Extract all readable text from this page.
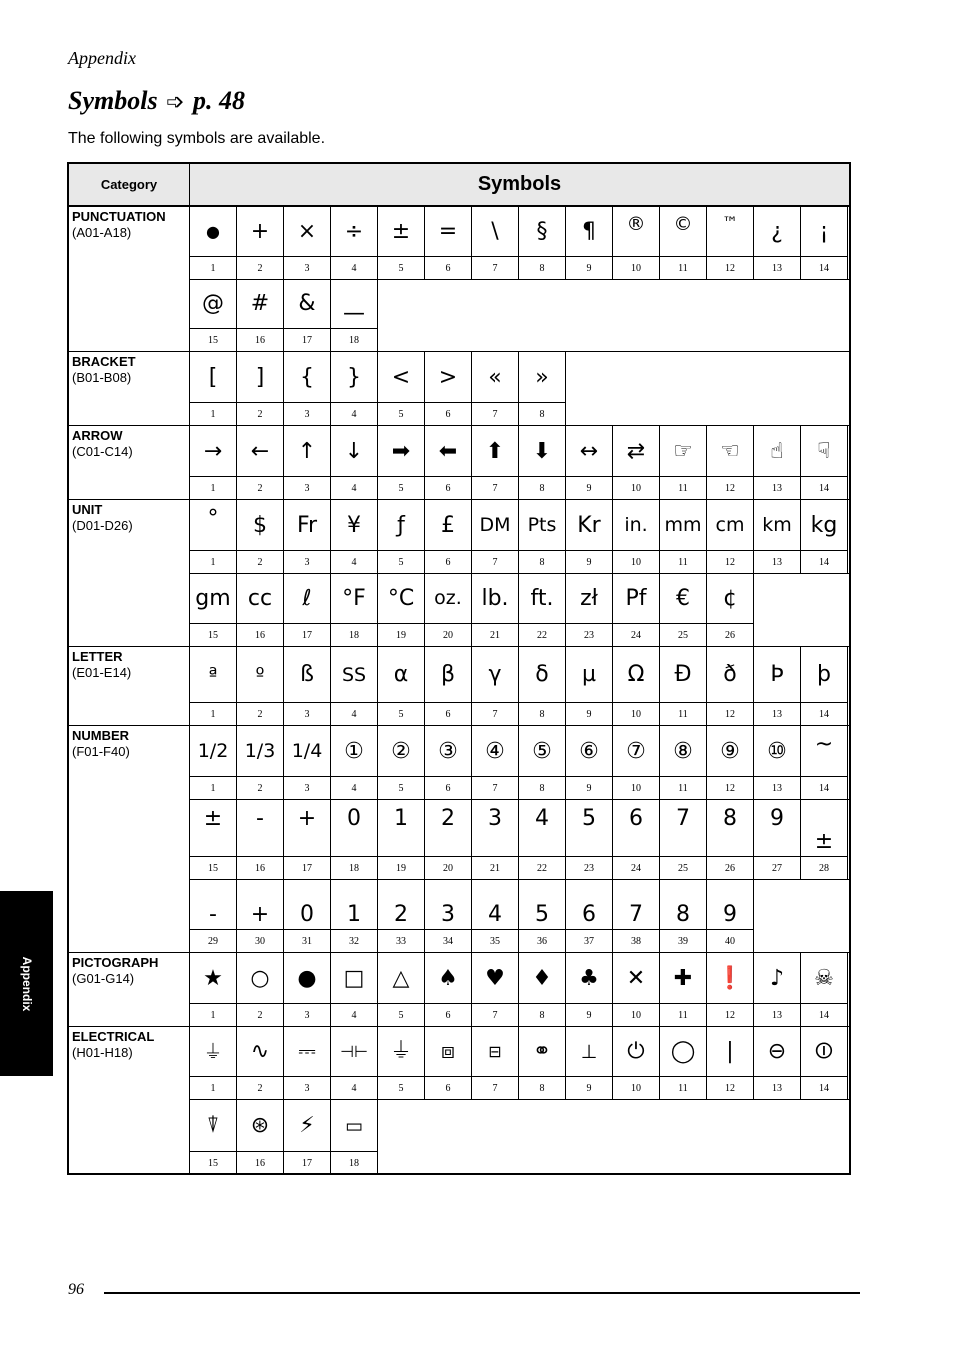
Appendix
Symbols ➩ p. 48
The following symbols are available.
Category	Symbols
PUNCTUATION
(A01-A18)
BRACKET
(B01-B08)
ARROW
(C01-C14)
UNIT
(D01-D26)
LETTER
(E01-E14)
NUMBER
(F01-F40)
PICTOGRAPH
(G01-G14)
ELECTRICAL
(H01-H18)
●
1
+
2
×
3
÷
4
±
5
=
6
\
7
§
8
¶
9
®
10
©
11
™
12
¿
13
¡
14
@
15
#
16
&
17
—
18
[
1
]
2
{
3
}
4
<
5
>
6
«
7
»
8
→
1
←
2
↑
3
↓
4
➡
5
⬅
6
⬆
7
⬇
8
↔
9
⇄
10
☞
11
☜
12
☝
13
☟
14
°
1
$
2
Fr
3
¥
4
ƒ
5
£
6
DM
7
Pts
8
Kr
9
in.
10
mm
11
cm
12
km
13
kg
14
gm
15
cc
16
ℓ
17
°F
18
°C
19
oz.
20
lb.
21
ft.
22
zł
23
Pf
24
€
25
¢
26
ª
1
º
2
ß
3
SS
4
α
5
β
6
γ
7
δ
8
µ
9
Ω
10
Đ
11
ð
12
Þ
13
þ
14
1/2
1
1/3
2
1/4
3
①
4
②
5
③
6
④
7
⑤
8
⑥
9
⑦
10
⑧
11
⑨
12
⑩
13
~
14
±
15
-
16
+
17
0
18
1
19
2
20
3
21
4
22
5
23
6
24
7
25
8
26
9
27
±
28
-
29
+
30
0
31
1
32
2
33
3
34
4
35
5
36
6
37
7
38
8
39
9
40
★
1
○
2
●
3
□
4
△
5
♠
6
♥
7
♦
8
♣
9
✕
10
✚
11
❗
12
♪
13
☠
14
⏚
1
∿
2
⎓
3
⊣⊢
4
⏚
5
⧈
6
⊟
7
⚭
8
⊥
9
⏻
10
◯
11
|
12
⊖
13
⏼
14
⍒
15
⊛
16
⚡
17
▭
18
Appendix
96
